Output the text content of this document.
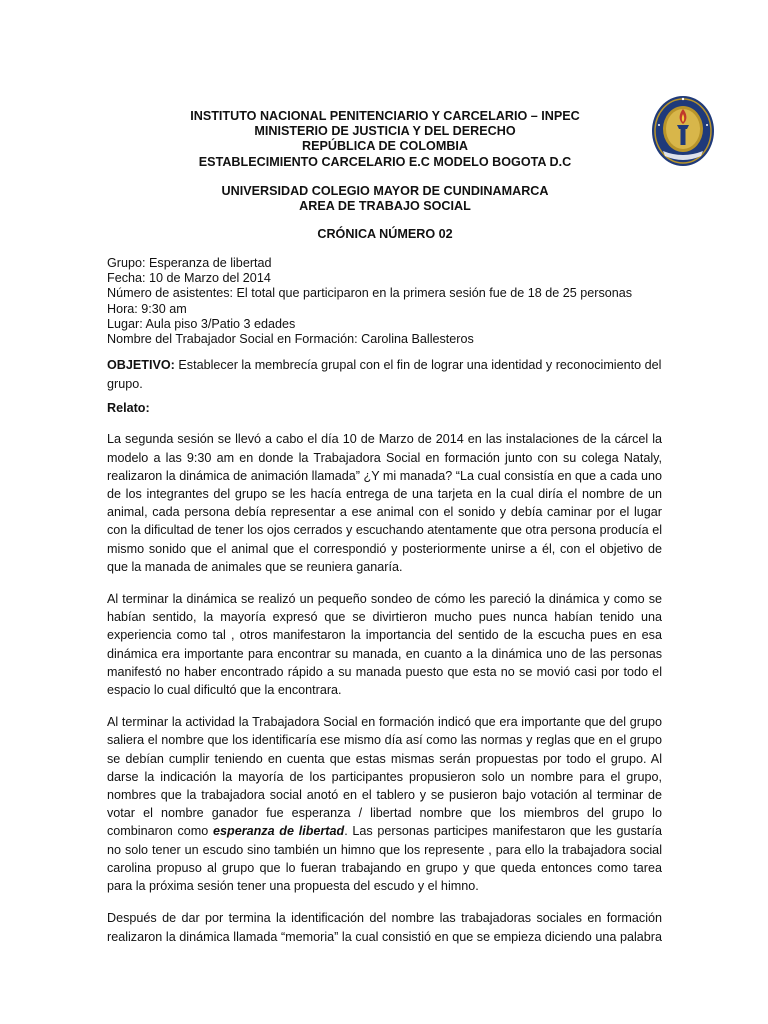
INSTITUTO NACIONAL PENITENCIARIO Y CARCELARIO – INPEC
MINISTERIO DE JUSTICIA Y DEL DERECHO
REPÚBLICA DE COLOMBIA
ESTABLECIMIENTO CARCELARIO E.C MODELO BOGOTA D.C
UNIVERSIDAD COLEGIO MAYOR DE CUNDINAMARCA
AREA DE TRABAJO SOCIAL
CRÓNICA NÚMERO 02
Grupo: Esperanza de libertad
Fecha: 10 de Marzo del 2014
Número de asistentes: El total que participaron en la primera sesión fue de 18 de 25 personas
Hora: 9:30 am
Lugar: Aula piso 3/Patio 3 edades
Nombre del Trabajador Social en Formación: Carolina Ballesteros
OBJETIVO: Establecer la membrecía grupal con el fin de lograr una identidad y reconocimiento del
grupo.
Relato:
La segunda sesión se llevó a cabo el día 10 de Marzo de 2014 en las instalaciones de la cárcel la
modelo a las 9:30 am en donde la Trabajadora Social en formación junto con su colega Nataly,
realizaron la dinámica de animación llamada” ¿Y mi manada? “La cual consistía en que a cada uno
de los integrantes del grupo se les hacía entrega de una tarjeta en la cual diría el nombre de un
animal, cada persona debía representar a ese animal con el sonido y debía caminar por el lugar
con la dificultad de tener los ojos cerrados y escuchando atentamente que otra persona producía el
mismo sonido que el animal que el correspondió y posteriormente unirse a él, con el objetivo de
que la manada de animales que se reuniera ganaría.
Al terminar la dinámica se realizó un pequeño sondeo de cómo les pareció la dinámica y como se
habían sentido, la mayoría expresó que se divirtieron mucho pues nunca habían tenido una
experiencia como tal , otros manifestaron la importancia del sentido de la escucha pues en esa
dinámica era importante para encontrar su manada, en cuanto a la dinámica uno de las personas
manifestó no haber encontrado rápido a su manada puesto que esta no se movió casi por todo el
espacio lo cual dificultó que la encontrara.
Al terminar la actividad la Trabajadora Social en formación indicó que era importante que del grupo
saliera el nombre que los identificaría ese mismo día así como las normas y reglas que en el grupo
se debían cumplir teniendo en cuenta que estas mismas serán propuestas por todo el grupo. Al
darse la indicación la mayoría de los participantes propusieron solo un nombre para el grupo,
nombres que la trabajadora social anotó en el tablero y se pusieron bajo votación al terminar de
votar el nombre ganador fue esperanza / libertad nombre que los miembros del grupo lo
combinaron como esperanza de libertad. Las personas participes manifestaron que les gustaría
no solo tener un escudo sino también un himno que los represente , para ello la trabajadora social
carolina propuso al grupo que lo fueran trabajando en grupo y que queda entonces como tarea
para la próxima sesión tener una propuesta del escudo y el himno.
Después de dar por termina la identificación del nombre las trabajadoras sociales en formación
realizaron la dinámica llamada “memoria” la cual consistió en que se empieza diciendo una palabra
